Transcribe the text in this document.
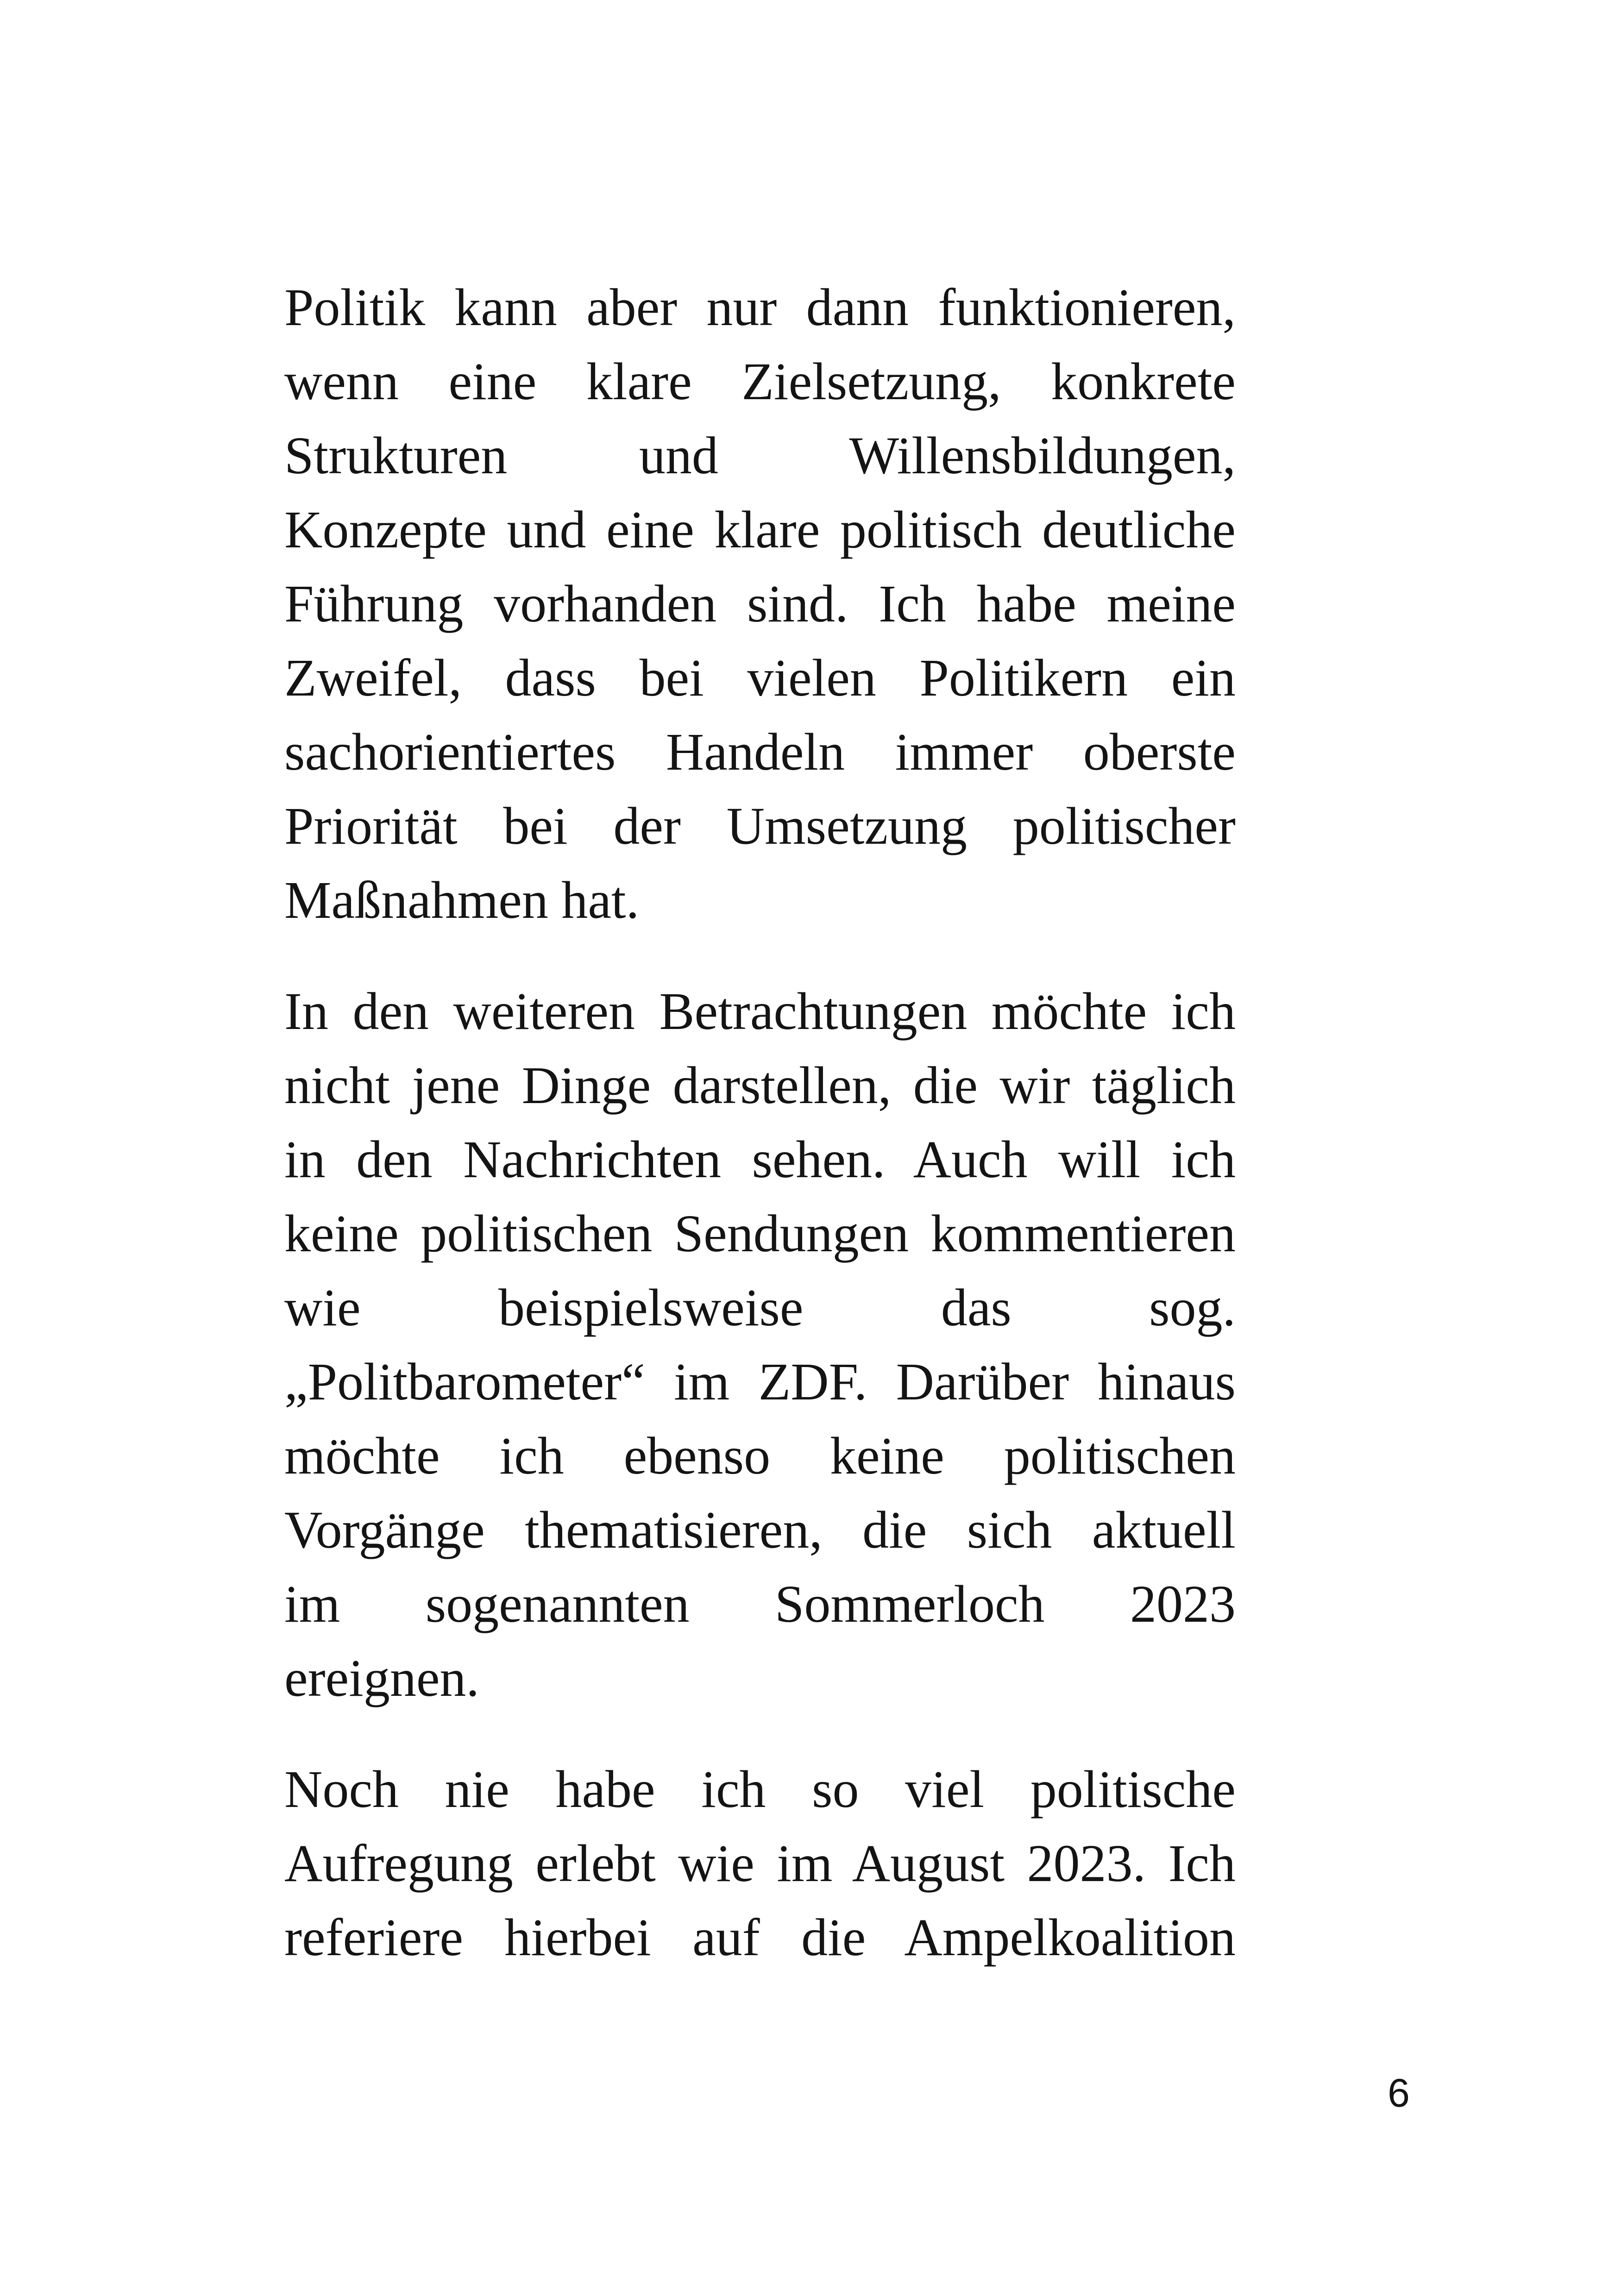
Politik kann aber nur dann funktionieren,
wenn eine klare Zielsetzung, konkrete
Strukturen und Willensbildungen,
Konzepte und eine klare politisch deutliche
Führung vorhanden sind. Ich habe meine
Zweifel, dass bei vielen Politikern ein
sachorientiertes Handeln immer oberste
Priorität bei der Umsetzung politischer
Maßnahmen hat.
In den weiteren Betrachtungen möchte ich
nicht jene Dinge darstellen, die wir täglich
in den Nachrichten sehen. Auch will ich
keine politischen Sendungen kommentieren
wie beispielsweise das sog.
„Politbarometer“ im ZDF. Darüber hinaus
möchte ich ebenso keine politischen
Vorgänge thematisieren, die sich aktuell
im sogenannten Sommerloch 2023
ereignen.
Noch nie habe ich so viel politische
Aufregung erlebt wie im August 2023. Ich
referiere hierbei auf die Ampelkoalition
6
